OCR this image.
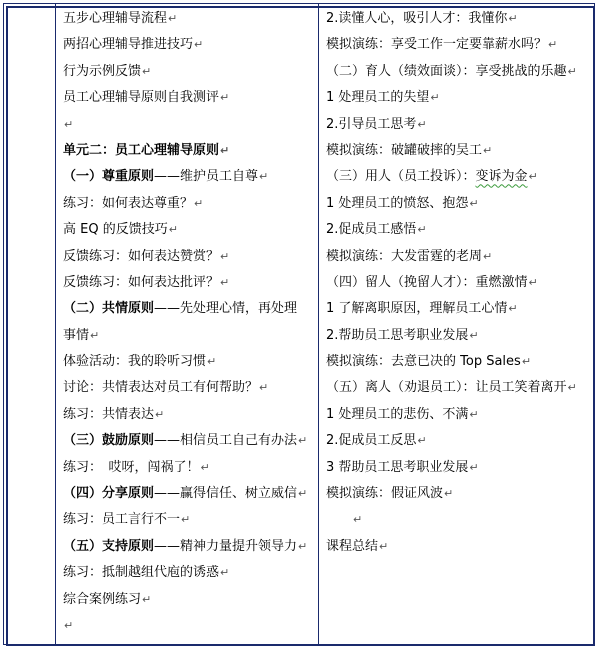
五步心理辅导流程↵
两招心理辅导推进技巧↵
行为示例反馈↵
员工心理辅导原则自我测评↵
↵
单元二：员工心理辅导原则↵
（一）尊重原则——维护员工自尊↵
练习：如何表达尊重？↵
高 EQ 的反馈技巧↵
反馈练习：如何表达赞赏？↵
反馈练习：如何表达批评？↵
（二）共情原则——先处理心情，再处理
事情↵
体验活动：我的聆听习惯↵
讨论：共情表达对员工有何帮助？↵
练习：共情表达↵
（三）鼓励原则——相信员工自己有办法↵
练习：　哎呀，闯祸了！↵
（四）分享原则——赢得信任、树立威信↵
练习：员工言行不一↵
（五）支持原则——精神力量提升领导力↵
练习：抵制越组代庖的诱惑↵
综合案例练习↵
↵
2.读懂人心，吸引人才：我懂你↵
模拟演练：享受工作一定要靠薪水吗？↵
（二）育人（绩效面谈）：享受挑战的乐趣↵
1 处理员工的失望↵
2.引导员工思考↵
模拟演练：破罐破摔的吴工↵
（三）用人（员工投诉）：变诉为金↵
1 处理员工的愤怒、抱怨↵
2.促成员工感悟↵
模拟演练：大发雷霆的老周↵
（四）留人（挽留人才）：重燃激情↵
1 了解离职原因，理解员工心情↵
2.帮助员工思考职业发展↵
模拟演练：去意已决的 Top Sales↵
（五）离人（劝退员工）：让员工笑着离开↵
1 处理员工的悲伤、不满↵
2.促成员工反思↵
3 帮助员工思考职业发展↵
模拟演练：假证风波↵
↵
课程总结↵
